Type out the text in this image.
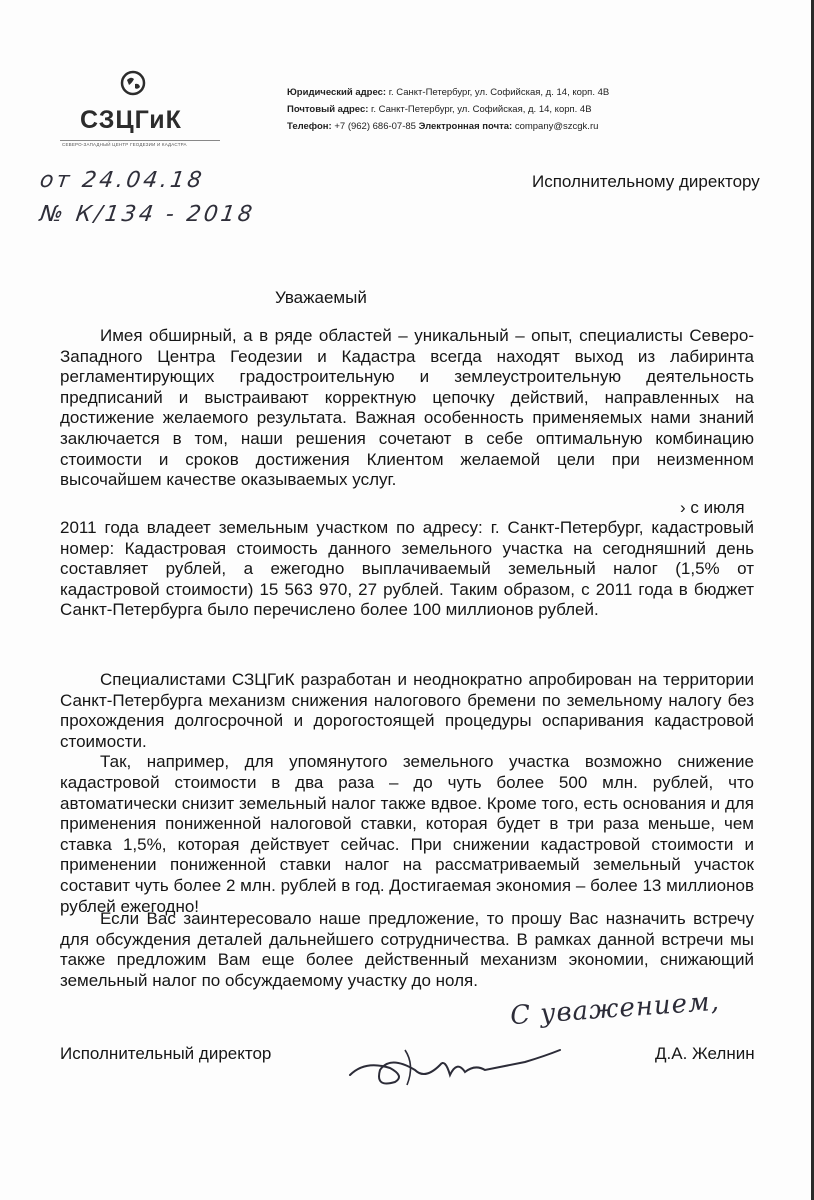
СЗЦГиК
СЕВЕРО-ЗАПАДНЫЙ ЦЕНТР ГЕОДЕЗИИ И КАДАСТРА
Юридический адрес: г. Санкт-Петербург, ул. Софийская, д. 14, корп. 4В
Почтовый адрес: г. Санкт-Петербург, ул. Софийская, д. 14, корп. 4В
Телефон: +7 (962) 686-07-85 Электронная почта: company@szcgk.ru
от 24.04.18
№ К/134 - 2018
Исполнительному директору
Уважаемый

Имея обширный, а в ряде областей – уникальный – опыт, специалисты Северо-Западного Центра Геодезии и Кадастра всегда находят выход из лабиринта регламентирующих градостроительную и землеустроительную деятельность предписаний и выстраивают корректную цепочку действий, направленных на достижение желаемого результата. Важная особенность применяемых нами знаний заключается в том, наши решения сочетают в себе оптимальную комбинацию стоимости и сроков достижения Клиентом желаемой цели при неизменном высочайшем качестве оказываемых услуг.

› с июля

2011 года владеет земельным участком по адресу: г. Санкт-Петербург, кадастровый номер: Кадастровая стоимость данного земельного участка на сегодняшний день составляет рублей, а ежегодно выплачиваемый земельный налог (1,5% от кадастровой стоимости) 15 563 970, 27 рублей. Таким образом, с 2011 года в бюджет Санкт-Петербурга было перечислено более 100 миллионов рублей.

Специалистами СЗЦГиК разработан и неоднократно апробирован на территории Санкт-Петербурга механизм снижения налогового бремени по земельному налогу без прохождения долгосрочной и дорогостоящей процедуры оспаривания кадастровой стоимости.

Так, например, для упомянутого земельного участка возможно снижение кадастровой стоимости в два раза – до чуть более 500 млн. рублей, что автоматически снизит земельный налог также вдвое. Кроме того, есть основания и для применения пониженной налоговой ставки, которая будет в три раза меньше, чем ставка 1,5%, которая действует сейчас. При снижении кадастровой стоимости и применении пониженной ставки налог на рассматриваемый земельный участок составит чуть более 2 млн. рублей в год. Достигаемая экономия – более 13 миллионов рублей ежегодно!

Если Вас заинтересовало наше предложение, то прошу Вас назначить встречу для обсуждения деталей дальнейшего сотрудничества. В рамках данной встречи мы также предложим Вам еще более действенный механизм экономии, снижающий земельный налог по обсуждаемому участку до ноля.

С уважением,
Исполнительный директор	Д.А. Желнин
